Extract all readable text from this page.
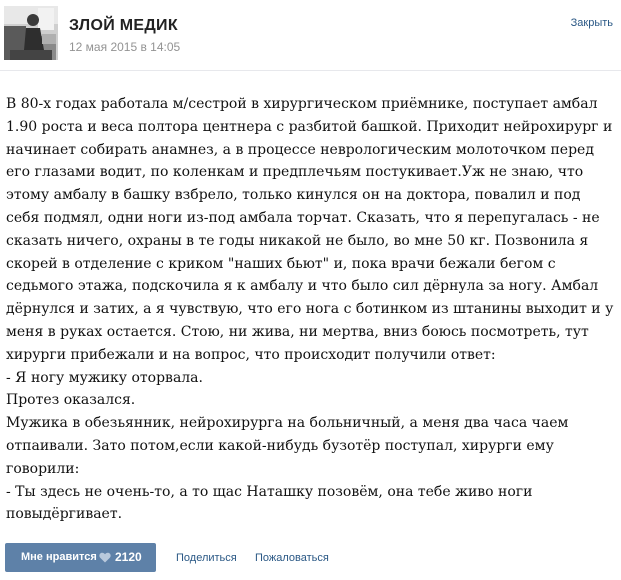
ЗЛОЙ МЕДИК
12 мая 2015 в 14:05
Закрыть

В 80-х годах работала м/сестрой в хирургическом приёмнике, поступает амбал 1.90 роста и веса полтора центнера с разбитой башкой. Приходит нейрохирург и начинает собирать анамнез, а в процессе неврологическим молоточком перед его глазами водит, по коленкам и предплечьям постукивает.Уж не знаю, что этому амбалу в башку взбрело, только кинулся он на доктора, повалил и под себя подмял, одни ноги из-под амбала торчат. Сказать, что я перепугалась - не сказать ничего, охраны в те годы никакой не было, во мне 50 кг. Позвонила я скорей в отделение с криком "наших бьют" и, пока врачи бежали бегом с седьмого этажа, подскочила я к амбалу и что было сил дёрнула за ногу. Амбал дёрнулся и затих, а я чувствую, что его нога с ботинком из штанины выходит и у меня в руках остается. Стою, ни жива, ни мертва, вниз боюсь посмотреть, тут хирурги прибежали и на вопрос, что происходит получили ответ:

- Я ногу мужику оторвала.

Протез оказался.

Мужика в обезьянник, нейрохирурга на больничный, а меня два часа чаем отпаивали. Зато потом,если какой-нибудь бузотёр поступал, хирурги ему говорили:

- Ты здесь не очень-то, а то щас Наташку позовём, она тебе живо ноги повыдёргивает.

Мне нравится 2120	Поделиться Пожаловаться
